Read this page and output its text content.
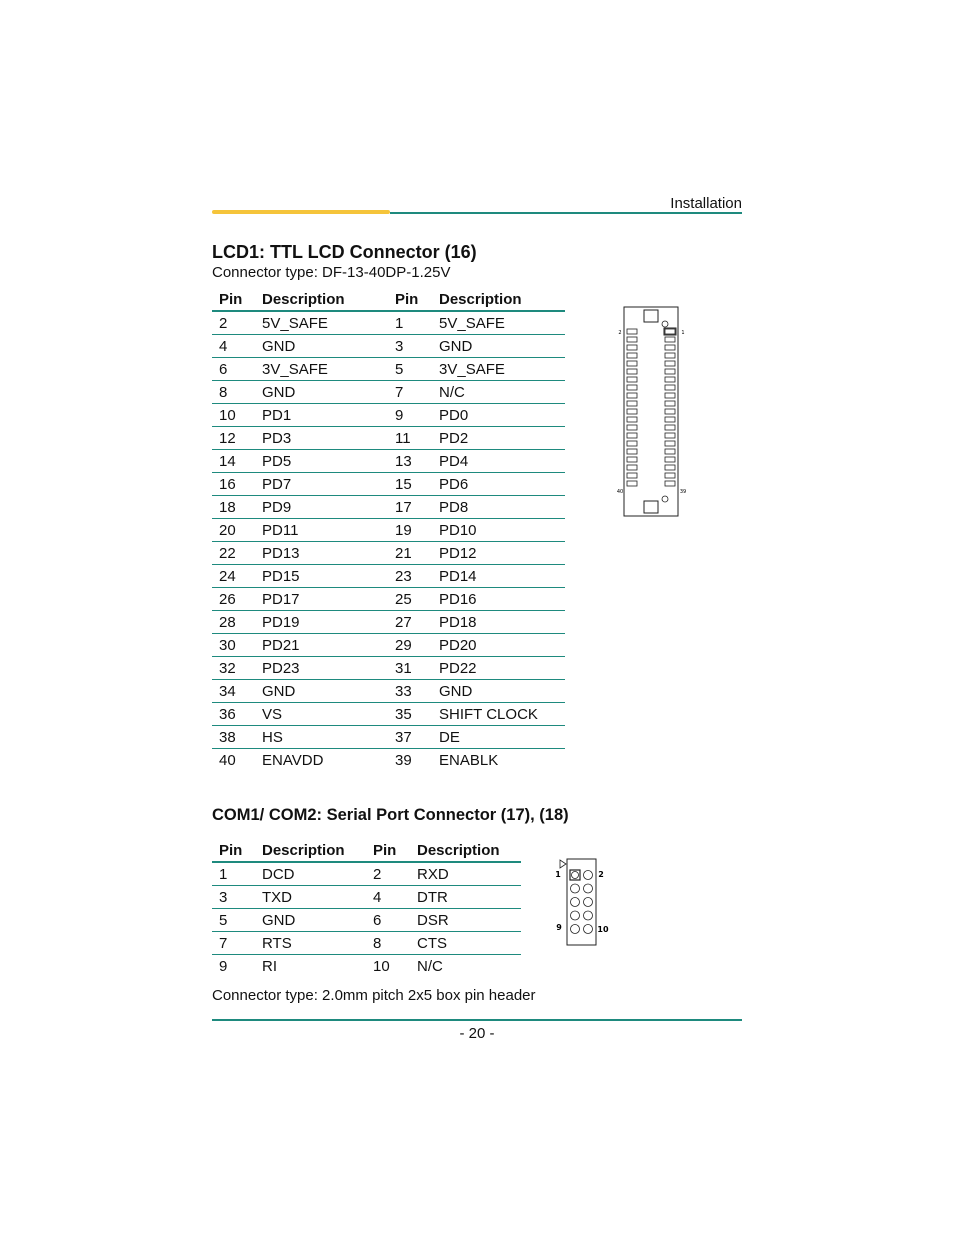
Installation
LCD1: TTL LCD Connector (16)
Connector type: DF-13-40DP-1.25V
Pin	Description	Pin	Description
2	5V_SAFE	1	5V_SAFE
4	GND	3	GND
6	3V_SAFE	5	3V_SAFE
8	GND	7	N/C
10	PD1	9	PD0
12	PD3	11	PD2
14	PD5	13	PD4
16	PD7	15	PD6
18	PD9	17	PD8
20	PD11	19	PD10
22	PD13	21	PD12
24	PD15	23	PD14
26	PD17	25	PD16
28	PD19	27	PD18
30	PD21	29	PD20
32	PD23	31	PD22
34	GND	33	GND
36	VS	35	SHIFT CLOCK
38	HS	37	DE
40	ENAVDD	39	ENABLK
2	1
40	39
COM1/ COM2: Serial Port Connector (17), (18)
Pin	Description	Pin	Description
1	DCD	2	RXD
3	TXD	4	DTR
5	GND	6	DSR
7	RTS	8	CTS
9	RI	10	N/C
1	2
9	10
Connector type: 2.0mm pitch 2x5 box pin header
- 20 -
